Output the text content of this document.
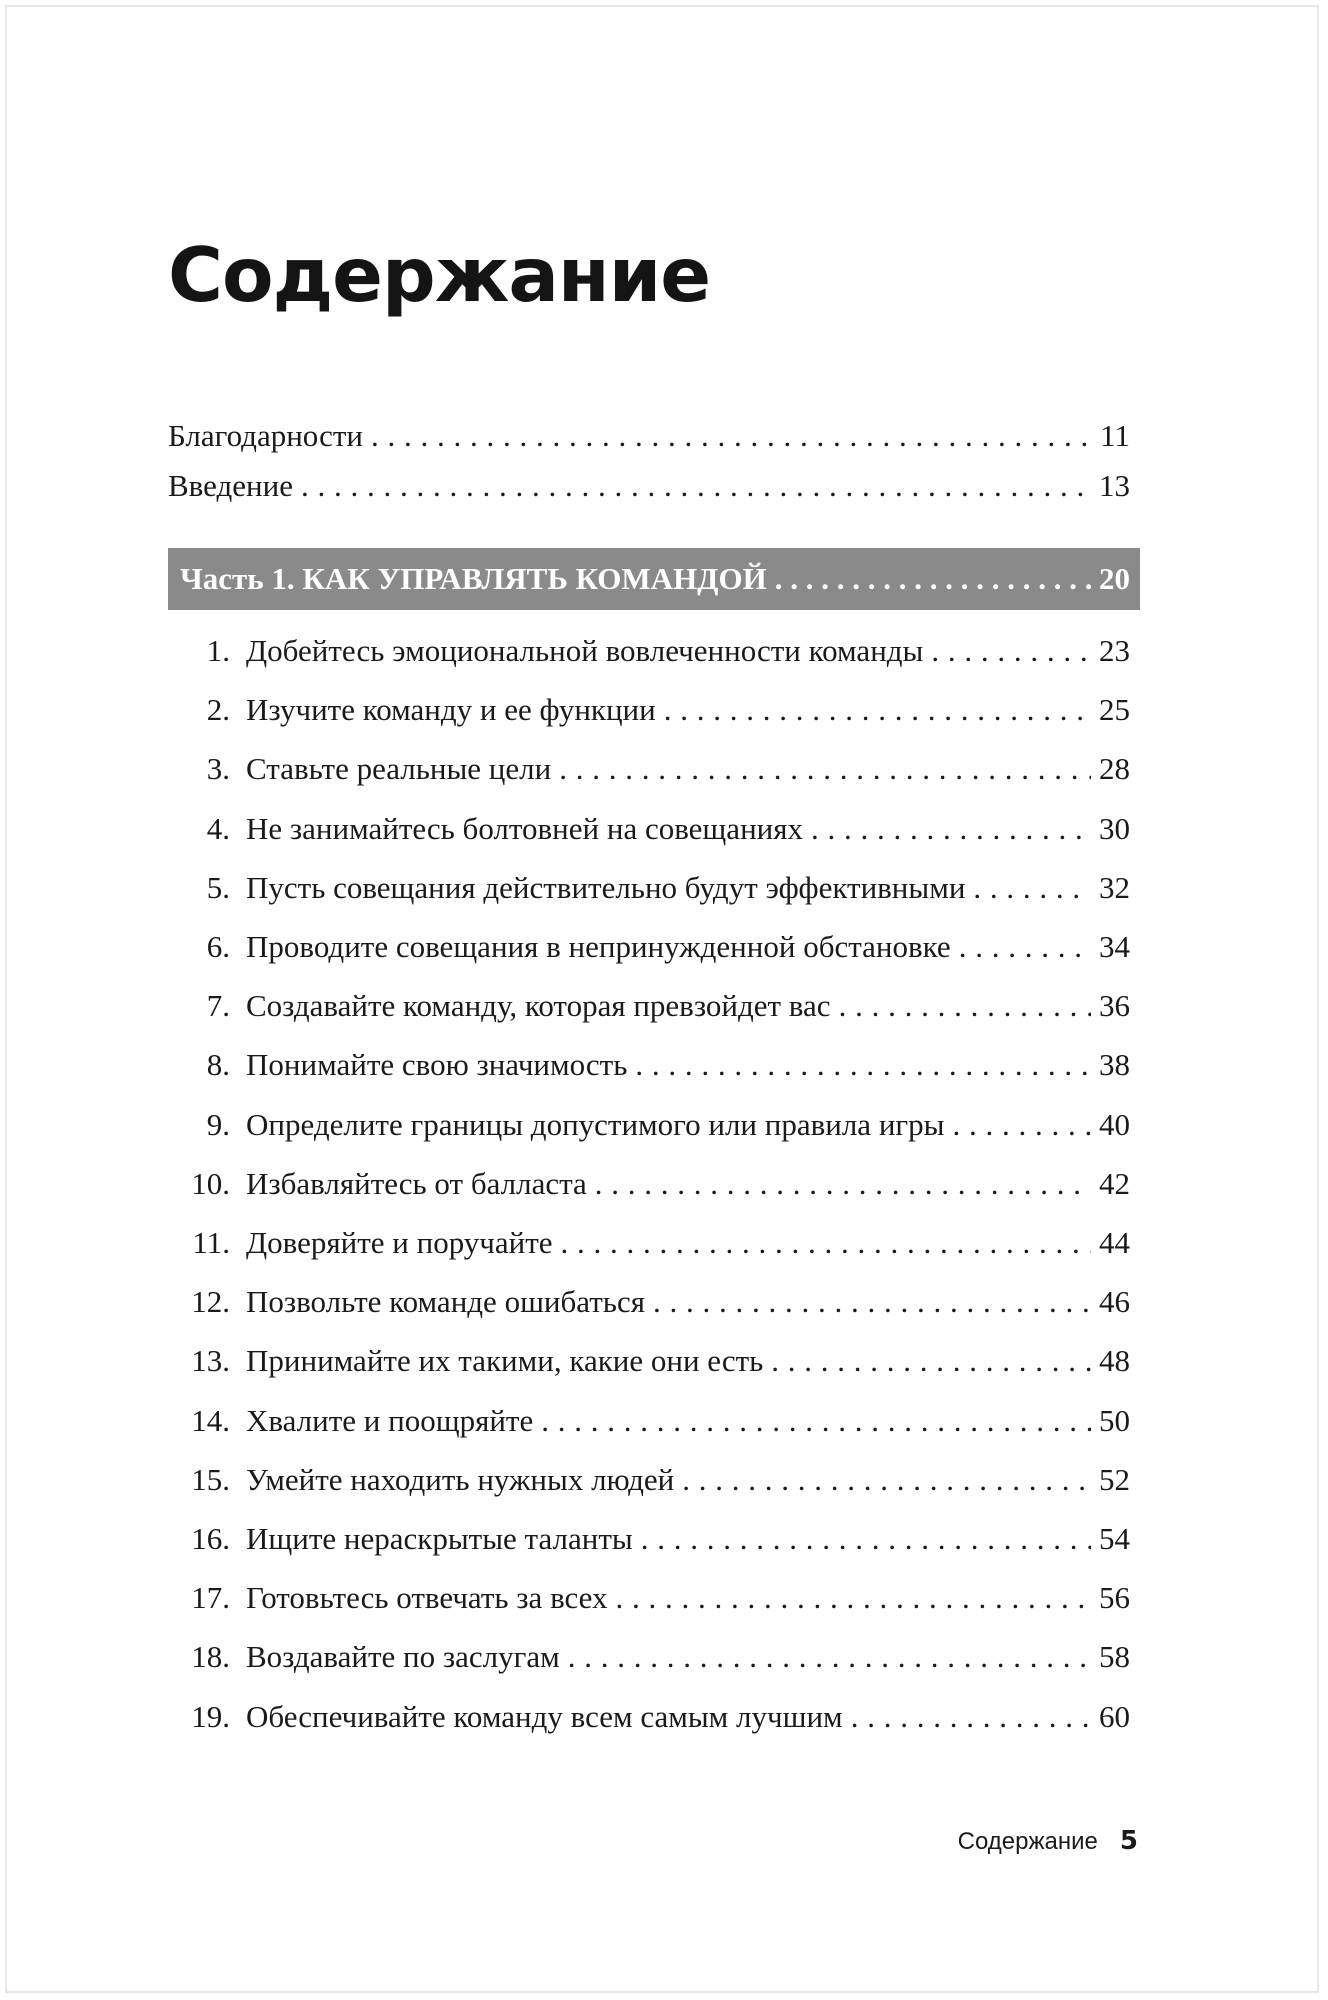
Содержание
Благодарности . . .	11
Введение . . .	13
Часть 1. КАК УПРАВЛЯТЬ КОМАНДОЙ . . .	20
1. Добейтесь эмоциональной вовлеченности команды . . .	23
2. Изучите команду и ее функции . . .	25
3. Ставьте реальные цели . . .	28
4. Не занимайтесь болтовней на совещаниях . . .	30
5. Пусть совещания действительно будут эффективными . . .	32
6. Проводите совещания в непринужденной обстановке . . .	34
7. Создавайте команду, которая превзойдет вас . . .	36
8. Понимайте свою значимость . . .	38
9. Определите границы допустимого или правила игры . . .	40
10. Избавляйтесь от балласта . . .	42
11. Доверяйте и поручайте . . .	44
12. Позвольте команде ошибаться . . .	46
13. Принимайте их такими, какие они есть . . .	48
14. Хвалите и поощряйте . . .	50
15. Умейте находить нужных людей . . .	52
16. Ищите нераскрытые таланты . . .	54
17. Готовьтесь отвечать за всех . . .	56
18. Воздавайте по заслугам . . .	58
19. Обеспечивайте команду всем самым лучшим . . .	60
Содержание 5
